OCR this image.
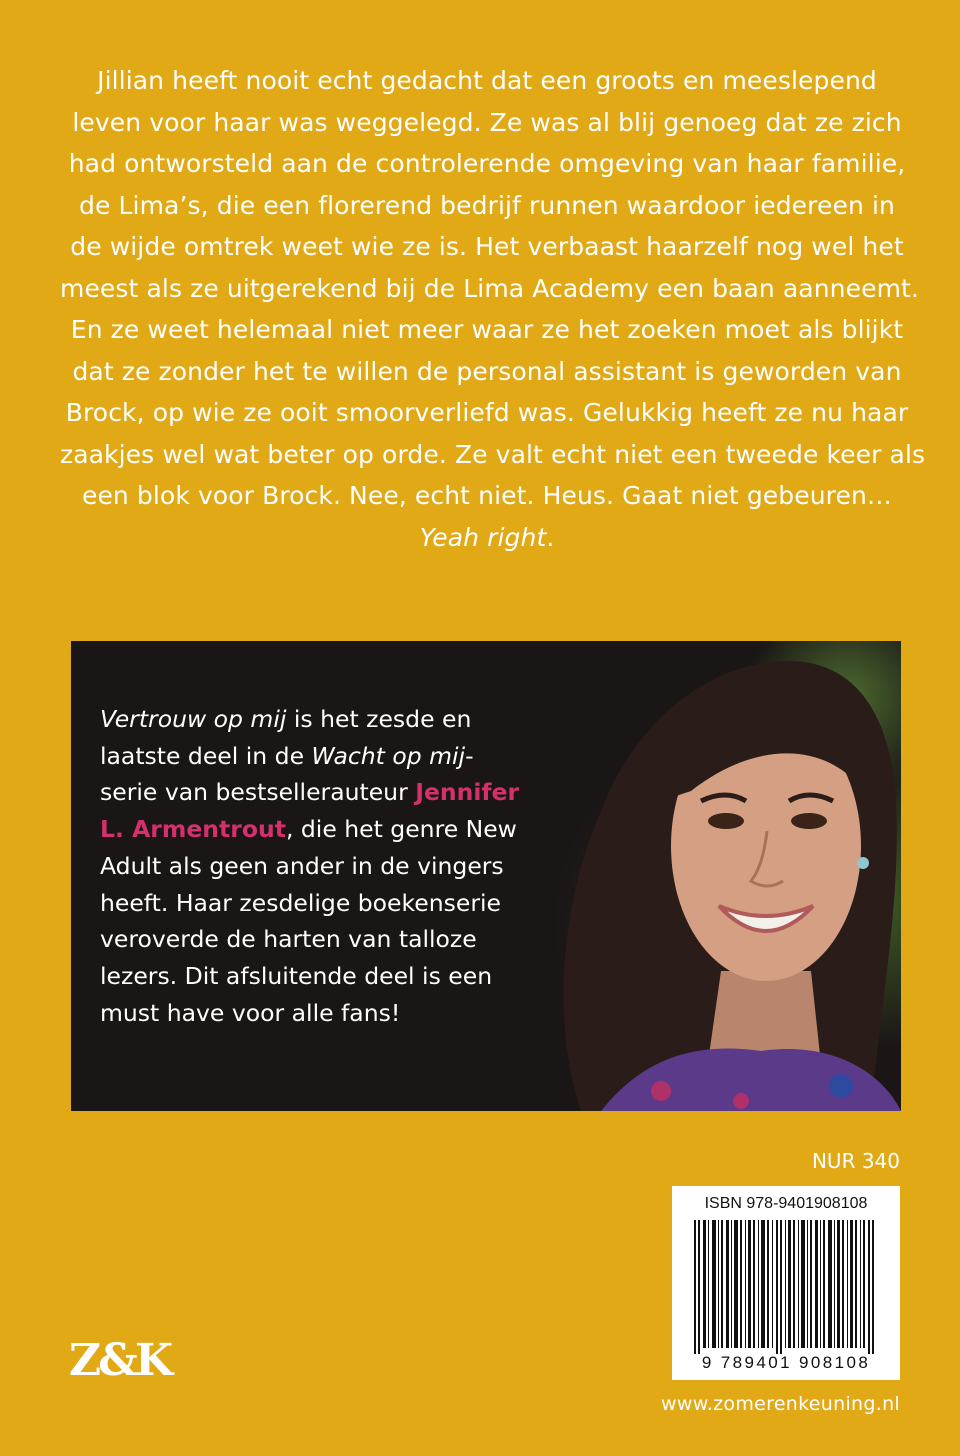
Jillian heeft nooit echt gedacht dat een groots en meeslepend
leven voor haar was weggelegd. Ze was al blij genoeg dat ze zich
had ontworsteld aan de controlerende omgeving van haar familie,
de Lima’s, die een florerend bedrijf runnen waardoor iedereen in
de wijde omtrek weet wie ze is. Het verbaast haarzelf nog wel het
meest als ze uitgerekend bij de Lima Academy een baan aanneemt.
En ze weet helemaal niet meer waar ze het zoeken moet als blijkt
dat ze zonder het te willen de personal assistant is geworden van
Brock, op wie ze ooit smoorverliefd was. Gelukkig heeft ze nu haar
zaakjes wel wat beter op orde. Ze valt echt niet een tweede keer als
een blok voor Brock. Nee, echt niet. Heus. Gaat niet gebeuren…
Yeah right.
Vertrouw op mij is het zesde en
laatste deel in de Wacht op mij-
serie van bestsellerauteur Jennifer
L. Armentrout, die het genre New
Adult als geen ander in de vingers
heeft. Haar zesdelige boekenserie
veroverde de harten van talloze
lezers. Dit afsluitende deel is een
must have voor alle fans!
NUR 340
ISBN 978-9401908108
9 789401 908108
Z&K
www.zomerenkeuning.nl
